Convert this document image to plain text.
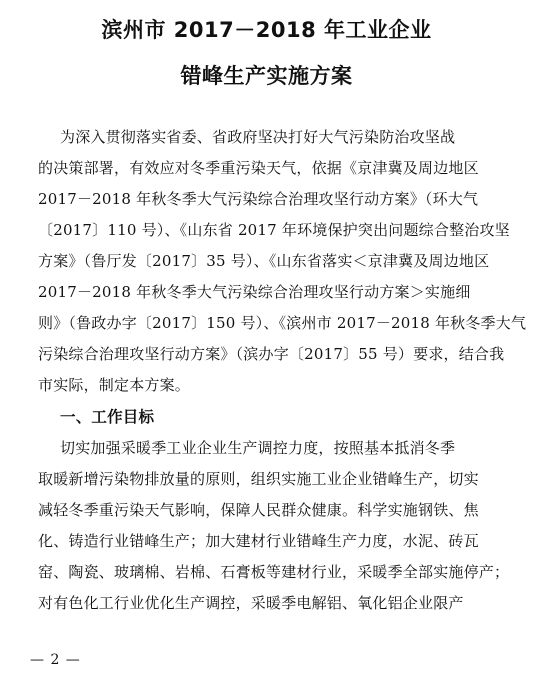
滨州市 2017－2018 年工业企业
错峰生产实施方案
为深入贯彻落实省委、省政府坚决打好大气污染防治攻坚战
的决策部署，有效应对冬季重污染天气，依据《京津冀及周边地区
2017－2018 年秋冬季大气污染综合治理攻坚行动方案》（环大气
〔2017〕110 号）、《山东省 2017 年环境保护突出问题综合整治攻坚
方案》（鲁厅发〔2017〕35 号）、《山东省落实＜京津冀及周边地区
2017－2018 年秋冬季大气污染综合治理攻坚行动方案＞实施细
则》（鲁政办字〔2017〕150 号）、《滨州市 2017－2018 年秋冬季大气
污染综合治理攻坚行动方案》（滨办字〔2017〕55 号）要求，结合我
市实际，制定本方案。
一、工作目标
切实加强采暖季工业企业生产调控力度，按照基本抵消冬季
取暖新增污染物排放量的原则，组织实施工业企业错峰生产，切实
减轻冬季重污染天气影响，保障人民群众健康。科学实施钢铁、焦
化、铸造行业错峰生产；加大建材行业错峰生产力度，水泥、砖瓦
窑、陶瓷、玻璃棉、岩棉、石膏板等建材行业，采暖季全部实施停产；
对有色化工行业优化生产调控，采暖季电解铝、氧化铝企业限产
— 2 —
